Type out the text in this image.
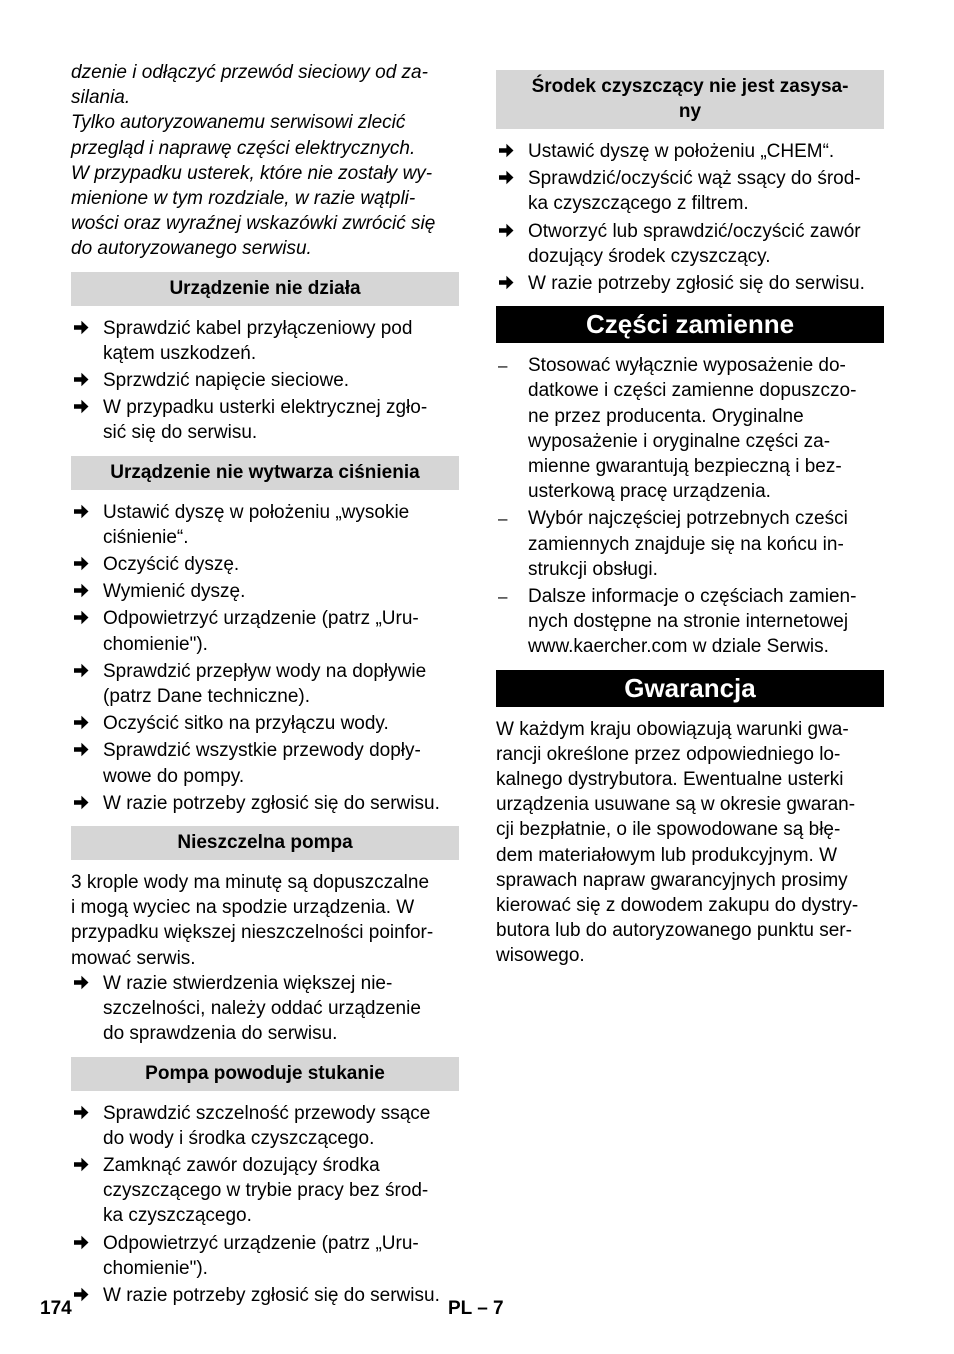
dzenie i odłączyć przewód sieciowy od za-
silania.
Tylko autoryzowanemu serwisowi zlecić
przegląd i naprawę części elektrycznych.
W przypadku usterek, które nie zostały wy-
mienione w tym rozdziale, w razie wątpli-
wości oraz wyraźnej wskazówki zwrócić się
do autoryzowanego serwisu.
Urządzenie nie działa
Sprawdzić kabel przyłączeniowy pod
kątem uszkodzeń.
Sprzwdzić napięcie sieciowe.
W przypadku usterki elektrycznej zgło-
sić się do serwisu.
Urządzenie nie wytwarza ciśnienia
Ustawić dyszę w położeniu „wysokie
ciśnienie“.
Oczyścić dyszę.
Wymienić dyszę.
Odpowietrzyć urządzenie (patrz „Uru-
chomienie").
Sprawdzić przepływ wody na dopływie
(patrz Dane techniczne).
Oczyścić sitko na przyłączu wody.
Sprawdzić wszystkie przewody dopły-
wowe do pompy.
W razie potrzeby zgłosić się do serwisu.
Nieszczelna pompa
3 krople wody ma minutę są dopuszczalne
i mogą wyciec na spodzie urządzenia. W
przypadku większej nieszczelności poinfor-
mować serwis.
W razie stwierdzenia większej nie-
szczelności, należy oddać urządzenie
do sprawdzenia do serwisu.
Pompa powoduje stukanie
Sprawdzić szczelność przewody ssące
do wody i środka czyszczącego.
Zamknąć zawór dozujący środka
czyszczącego w trybie pracy bez środ-
ka czyszczącego.
Odpowietrzyć urządzenie (patrz „Uru-
chomienie").
W razie potrzeby zgłosić się do serwisu.
Środek czyszczący nie jest zasysa-
ny
Ustawić dyszę w położeniu „CHEM“.
Sprawdzić/oczyścić wąż ssący do środ-
ka czyszczącego z filtrem.
Otworzyć lub sprawdzić/oczyścić zawór
dozujący środek czyszczący.
W razie potrzeby zgłosić się do serwisu.
Części zamienne
– Stosować wyłącznie wyposażenie do-
datkowe i części zamienne dopuszczo-
ne przez producenta. Oryginalne
wyposażenie i oryginalne części za-
mienne gwarantują bezpieczną i bez-
usterkową pracę urządzenia.
– Wybór najczęściej potrzebnych cześci
zamiennych znajduje się na końcu in-
strukcji obsługi.
– Dalsze informacje o częściach zamien-
nych dostępne na stronie internetowej
www.kaercher.com w dziale Serwis.
Gwarancja
W każdym kraju obowiązują warunki gwa-
rancji określone przez odpowiedniego lo-
kalnego dystrybutora. Ewentualne usterki
urządzenia usuwane są w okresie gwaran-
cji bezpłatnie, o ile spowodowane są błę-
dem materiałowym lub produkcyjnym. W
sprawach napraw gwarancyjnych prosimy
kierować się z dowodem zakupu do dystry-
butora lub do autoryzowanego punktu ser-
wisowego.
174	PL – 7
